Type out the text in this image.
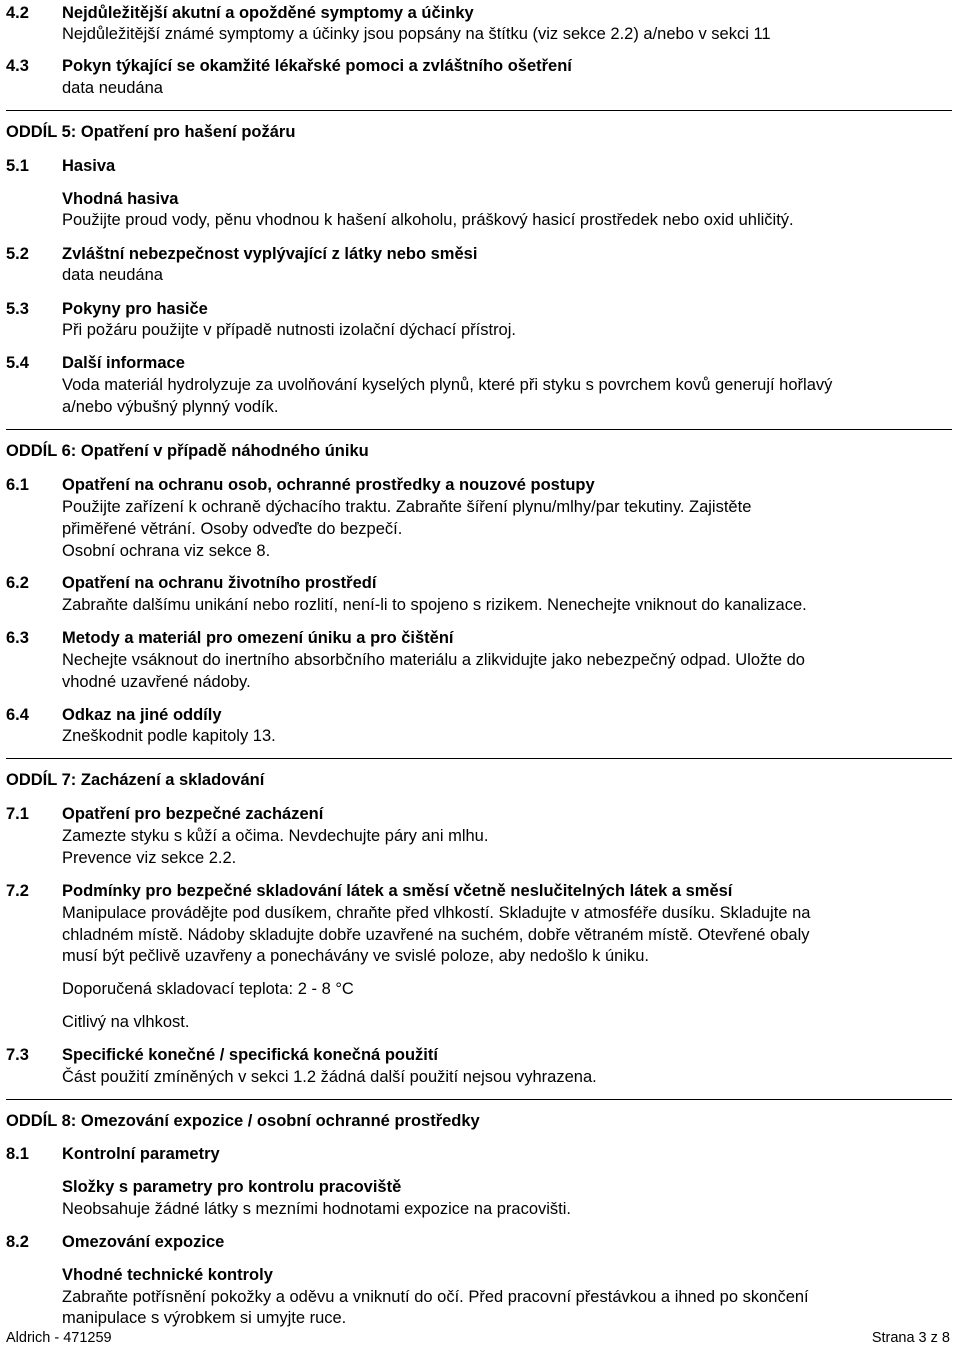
4.2 Nejdůležitější akutní a opožděné symptomy a účinky
Nejdůležitější známé symptomy a účinky jsou popsány na štítku (viz sekce 2.2) a/nebo v sekci 11
4.3 Pokyn týkající se okamžité lékařské pomoci a zvláštního ošetření
data neudána
ODDÍL 5: Opatření pro hašení požáru
5.1 Hasiva
Vhodná hasiva
Použijte proud vody, pěnu vhodnou k hašení alkoholu, práškový hasicí prostředek nebo oxid uhličitý.
5.2 Zvláštní nebezpečnost vyplývající z látky nebo směsi
data neudána
5.3 Pokyny pro hasiče
Při požáru použijte v případě nutnosti izolační dýchací přístroj.
5.4 Další informace
Voda materiál hydrolyzuje za uvolňování kyselých plynů, které při styku s povrchem kovů generují hořlavý
a/nebo výbušný plynný vodík.
ODDÍL 6: Opatření v případě náhodného úniku
6.1 Opatření na ochranu osob, ochranné prostředky a nouzové postupy
Použijte zařízení k ochraně dýchacího traktu. Zabraňte šíření plynu/mlhy/par tekutiny. Zajistěte
přiměřené větrání. Osoby odveďte do bezpečí.
Osobní ochrana viz sekce 8.
6.2 Opatření na ochranu životního prostředí
Zabraňte dalšímu unikání nebo rozlití, není-li to spojeno s rizikem. Nenechejte vniknout do kanalizace.
6.3 Metody a materiál pro omezení úniku a pro čištění
Nechejte vsáknout do inertního absorbčního materiálu a zlikvidujte jako nebezpečný odpad. Uložte do
vhodné uzavřené nádoby.
6.4 Odkaz na jiné oddíly
Zneškodnit podle kapitoly 13.
ODDÍL 7: Zacházení a skladování
7.1 Opatření pro bezpečné zacházení
Zamezte styku s kůží a očima. Nevdechujte páry ani mlhu.
Prevence viz sekce 2.2.
7.2 Podmínky pro bezpečné skladování látek a směsí včetně neslučitelných látek a směsí
Manipulace provádějte pod dusíkem, chraňte před vlhkostí. Skladujte v atmosféře dusíku. Skladujte na
chladném místě. Nádoby skladujte dobře uzavřené na suchém, dobře větraném místě. Otevřené obaly
musí být pečlivě uzavřeny a ponechávány ve svislé poloze, aby nedošlo k úniku.
Doporučená skladovací teplota: 2 - 8 °C
Citlivý na vlhkost.
7.3 Specifické konečné / specifická konečná použití
Část použití zmíněných v sekci 1.2 žádná další použití nejsou vyhrazena.
ODDÍL 8: Omezování expozice / osobní ochranné prostředky
8.1 Kontrolní parametry
Složky s parametry pro kontrolu pracoviště
Neobsahuje žádné látky s mezními hodnotami expozice na pracovišti.
8.2 Omezování expozice
Vhodné technické kontroly
Zabraňte potřísnění pokožky a oděvu a vniknutí do očí. Před pracovní přestávkou a ihned po skončení
manipulace s výrobkem si umyjte ruce.
Aldrich - 471259	Strana 3 z 8
